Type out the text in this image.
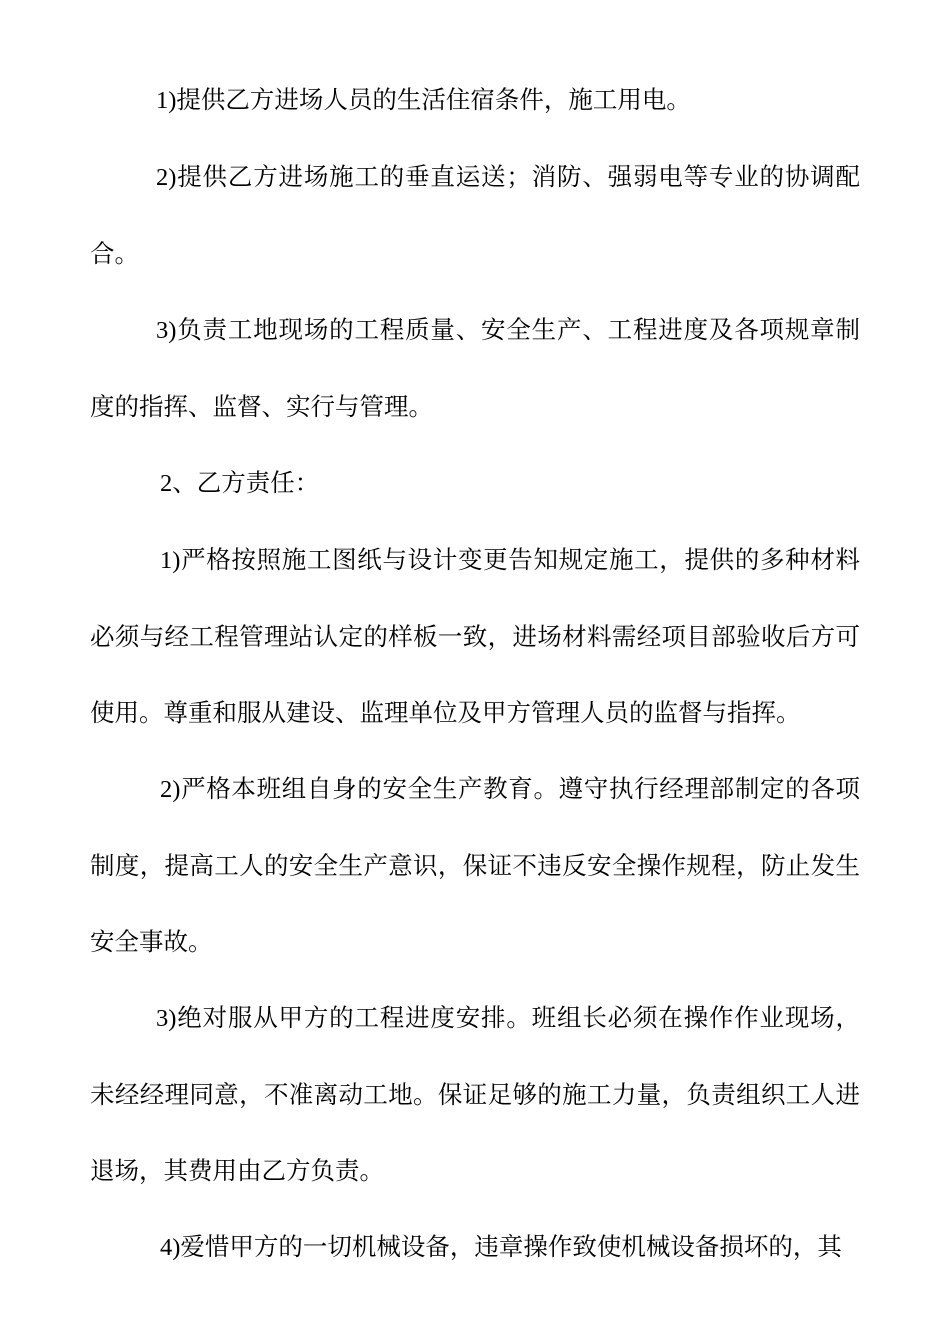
1)提供乙方进场人员的生活住宿条件，施工用电。

2)提供乙方进场施工的垂直运送；消防、强弱电等专业的协调配合。

3)负责工地现场的工程质量、安全生产、工程进度及各项规章制度的指挥、监督、实行与管理。

2、乙方责任：

1)严格按照施工图纸与设计变更告知规定施工，提供的多种材料必须与经工程管理站认定的样板一致，进场材料需经项目部验收后方可使用。尊重和服从建设、监理单位及甲方管理人员的监督与指挥。

2)严格本班组自身的安全生产教育。遵守执行经理部制定的各项制度，提高工人的安全生产意识，保证不违反安全操作规程，防止发生安全事故。

3)绝对服从甲方的工程进度安排。班组长必须在操作作业现场，未经经理同意，不准离动工地。保证足够的施工力量，负责组织工人进退场，其费用由乙方负责。

4)爱惜甲方的一切机械设备，违章操作致使机械设备损坏的，其
